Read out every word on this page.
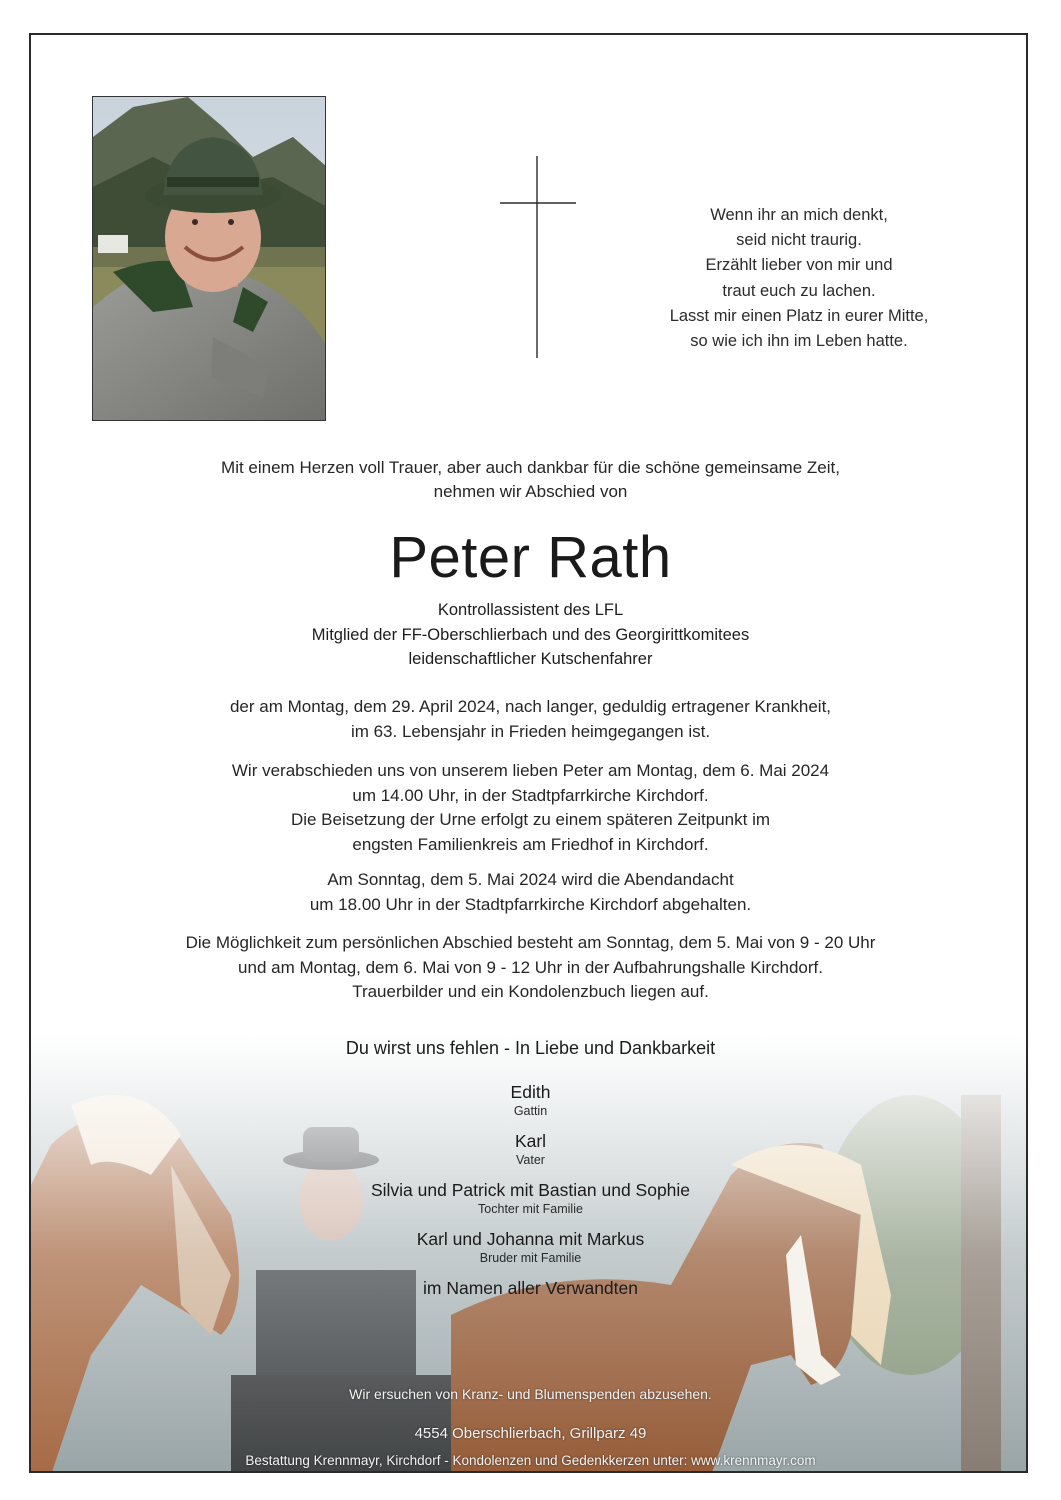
Wenn ihr an mich denkt,
seid nicht traurig.
Erzählt lieber von mir und
traut euch zu lachen.
Lasst mir einen Platz in eurer Mitte,
so wie ich ihn im Leben hatte.
Mit einem Herzen voll Trauer, aber auch dankbar für die schöne gemeinsame Zeit,
nehmen wir Abschied von
Peter Rath
Kontrollassistent des LFL
Mitglied der FF-Oberschlierbach und des Georgirittkomitees
leidenschaftlicher Kutschenfahrer
der am Montag, dem 29. April 2024, nach langer, geduldig ertragener Krankheit,
im 63. Lebensjahr in Frieden heimgegangen ist.
Wir verabschieden uns von unserem lieben Peter am Montag, dem 6. Mai 2024
um 14.00 Uhr, in der Stadtpfarrkirche Kirchdorf.
Die Beisetzung der Urne erfolgt zu einem späteren Zeitpunkt im
engsten Familienkreis am Friedhof in Kirchdorf.
Am Sonntag, dem 5. Mai 2024 wird die Abendandacht
um 18.00 Uhr in der Stadtpfarrkirche Kirchdorf abgehalten.
Die Möglichkeit zum persönlichen Abschied besteht am Sonntag, dem 5. Mai von 9 - 20 Uhr
und am Montag, dem 6. Mai von 9 - 12 Uhr in der Aufbahrungshalle Kirchdorf.
Trauerbilder und ein Kondolenzbuch liegen auf.
Du wirst uns fehlen - In Liebe und Dankbarkeit
Edith
Gattin
Karl
Vater
Silvia und Patrick mit Bastian und Sophie
Tochter mit Familie
Karl und Johanna mit Markus
Bruder mit Familie
im Namen aller Verwandten
Wir ersuchen von Kranz- und Blumenspenden abzusehen.
4554 Oberschlierbach, Grillparz 49
Bestattung Krennmayr, Kirchdorf - Kondolenzen und Gedenkkerzen unter: www.krennmayr.com
